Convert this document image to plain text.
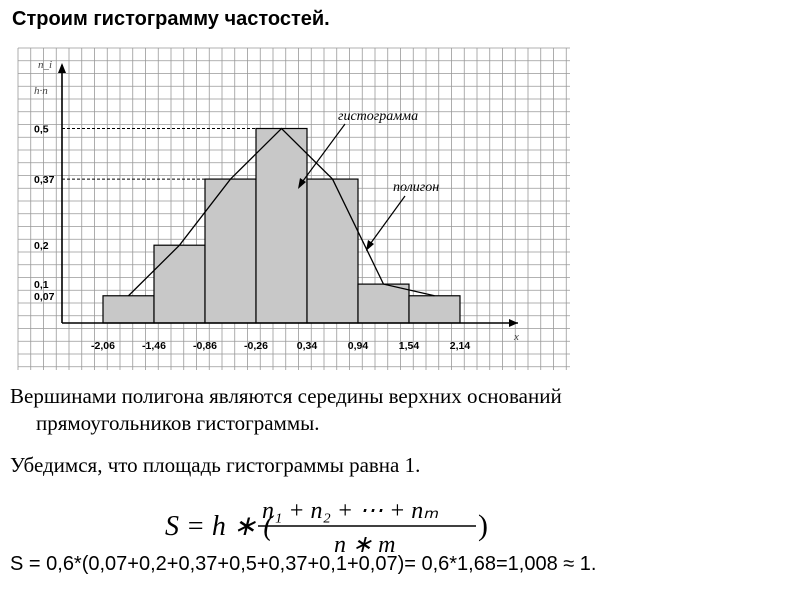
Строим гистограмму частостей.
0,07
0,1
0,2
0,37
0,5
n_i
h·n
-2,06	-1,46	-0,86	-0,26	0,34	0,94	1,54	2,14
x
гистограмма
полигон
Вершинами полигона являются середины верхних оснований
прямоугольников гистограммы.
Убедимся, что площадь гистограммы равна 1.
S = h ∗ (
n₁ + n₂ + ⋯ + nₘ
n ∗ m
)
S = 0,6*(0,07+0,2+0,37+0,5+0,37+0,1+0,07)= 0,6*1,68=1,008 ≈ 1.
